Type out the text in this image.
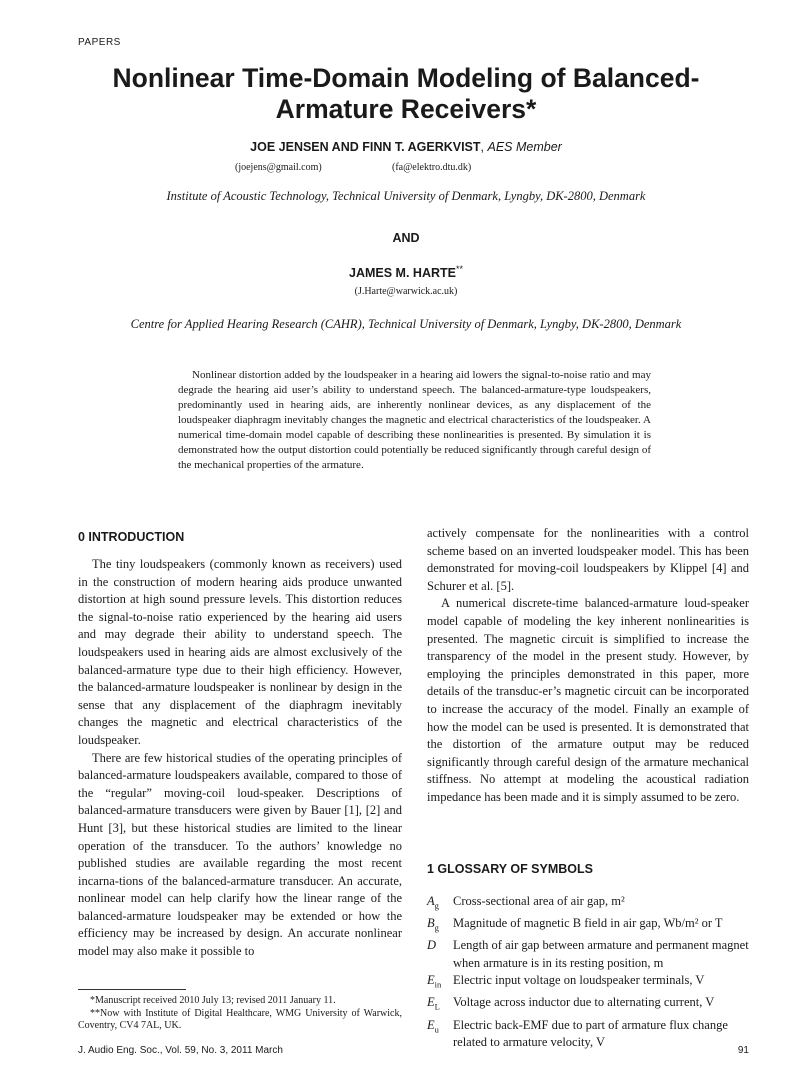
PAPERS
Nonlinear Time-Domain Modeling of Balanced-Armature Receivers*
JOE JENSEN AND FINN T. AGERKVIST, AES Member
(joejens@gmail.com)	(fa@elektro.dtu.dk)
Institute of Acoustic Technology, Technical University of Denmark, Lyngby, DK-2800, Denmark
AND
JAMES M. HARTE**
(J.Harte@warwick.ac.uk)
Centre for Applied Hearing Research (CAHR), Technical University of Denmark, Lyngby, DK-2800, Denmark
Nonlinear distortion added by the loudspeaker in a hearing aid lowers the signal-to-noise ratio and may degrade the hearing aid user’s ability to understand speech. The balanced-armature-type loudspeakers, predominantly used in hearing aids, are inherently nonlinear devices, as any displacement of the loudspeaker diaphragm inevitably changes the magnetic and electrical characteristics of the loudspeaker. A numerical time-domain model capable of describing these nonlinearities is presented. By simulation it is demonstrated how the output distortion could potentially be reduced significantly through careful design of the mechanical properties of the armature.
0 INTRODUCTION

The tiny loudspeakers (commonly known as receivers) used in the construction of modern hearing aids produce unwanted distortion at high sound pressure levels. This distortion reduces the signal-to-noise ratio experienced by the hearing aid users and may degrade their ability to understand speech. The loudspeakers used in hearing aids are almost exclusively of the balanced-armature type due to their high efficiency. However, the balanced-armature loudspeaker is nonlinear by design in the sense that any displacement of the diaphragm inevitably changes the magnetic and electrical characteristics of the loudspeaker.

There are few historical studies of the operating principles of balanced-armature loudspeakers available, compared to those of the “regular” moving-coil loud-speaker. Descriptions of balanced-armature transducers were given by Bauer [1], [2] and Hunt [3], but these historical studies are limited to the linear operation of the transducer. To the authors’ knowledge no published studies are available regarding the most recent incarna-tions of the balanced-armature transducer. An accurate, nonlinear model can help clarify how the linear range of the balanced-armature loudspeaker may be extended or how the efficiency may be increased by design. An accurate nonlinear model may also make it possible to

actively compensate for the nonlinearities with a control scheme based on an inverted loudspeaker model. This has been demonstrated for moving-coil loudspeakers by Klippel [4] and Schurer et al. [5].

A numerical discrete-time balanced-armature loud-speaker model capable of modeling the key inherent nonlinearities is presented. The magnetic circuit is simplified to increase the transparency of the model in the present study. However, by employing the principles demonstrated in this paper, more details of the transduc-er’s magnetic circuit can be incorporated to increase the accuracy of the model. Finally an example of how the model can be used is presented. It is demonstrated that the distortion of the armature output may be reduced significantly through careful design of the armature mechanical stiffness. No attempt at modeling the acoustical radiation impedance has been made and it is simply assumed to be zero.

1 GLOSSARY OF SYMBOLS
$A_g$	Cross-sectional area of air gap, m²
$B_g$	Magnitude of magnetic B field in air gap, Wb/m² or T
D	Length of air gap between armature and permanent magnet when armature is in its resting position, m
$E_{in}$ Electric input voltage on loudspeaker terminals, V
$E_L$	Voltage across inductor due to alternating current, V
$E_u$	Electric back-EMF due to part of armature flux change related to armature velocity, V
*Manuscript received 2010 July 13; revised 2011 January 11.
**Now with Institute of Digital Healthcare, WMG University of Warwick, Coventry, CV4 7AL, UK.
J. Audio Eng. Soc., Vol. 59, No. 3, 2011 March	91
